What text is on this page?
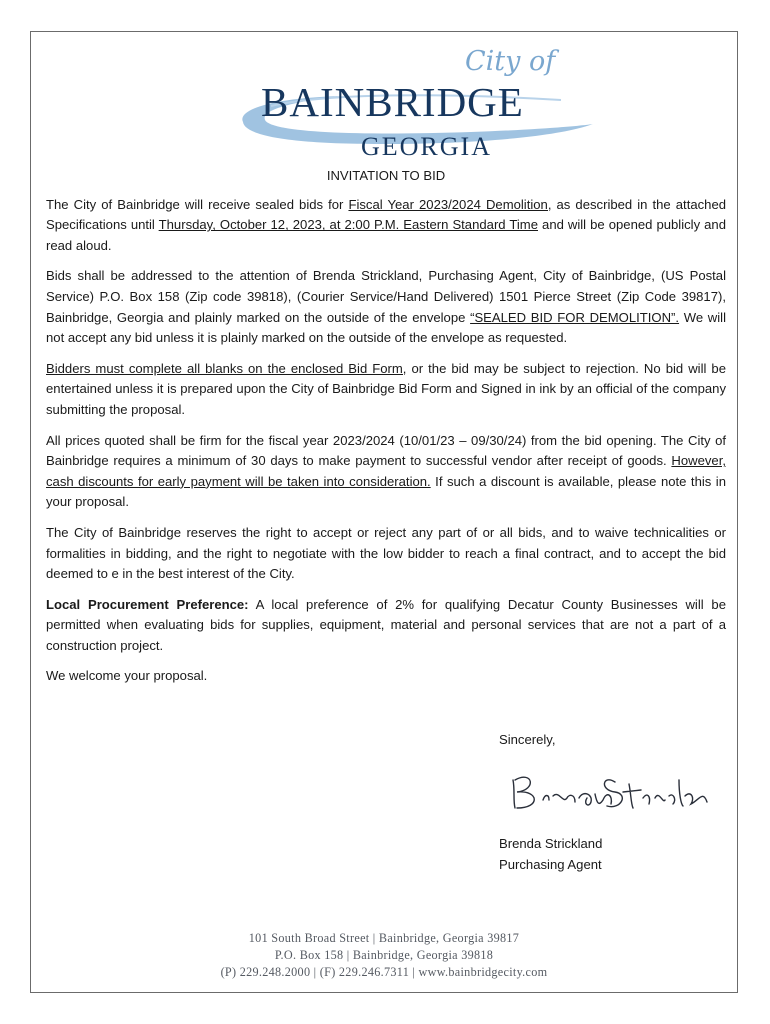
City of
BAINBRIDGE
GEORGIA
INVITATION TO BID

The City of Bainbridge will receive sealed bids for Fiscal Year 2023/2024 Demolition, as described in the attached Specifications until Thursday, October 12, 2023, at 2:00 P.M. Eastern Standard Time and will be opened publicly and read aloud.

Bids shall be addressed to the attention of Brenda Strickland, Purchasing Agent, City of Bainbridge, (US Postal Service) P.O. Box 158 (Zip code 39818), (Courier Service/Hand Delivered) 1501 Pierce Street (Zip Code 39817), Bainbridge, Georgia and plainly marked on the outside of the envelope “SEALED BID FOR DEMOLITION”. We will not accept any bid unless it is plainly marked on the outside of the envelope as requested.

Bidders must complete all blanks on the enclosed Bid Form, or the bid may be subject to rejection. No bid will be entertained unless it is prepared upon the City of Bainbridge Bid Form and Signed in ink by an official of the company submitting the proposal.

All prices quoted shall be firm for the fiscal year 2023/2024 (10/01/23 – 09/30/24) from the bid opening. The City of Bainbridge requires a minimum of 30 days to make payment to successful vendor after receipt of goods. However, cash discounts for early payment will be taken into consideration. If such a discount is available, please note this in your proposal.

The City of Bainbridge reserves the right to accept or reject any part of or all bids, and to waive technicalities or formalities in bidding, and the right to negotiate with the low bidder to reach a final contract, and to accept the bid deemed to e in the best interest of the City.

Local Procurement Preference: A local preference of 2% for qualifying Decatur County Businesses will be permitted when evaluating bids for supplies, equipment, material and personal services that are not a part of a construction project.

We welcome your proposal.

Sincerely,
Brenda Strickland
Purchasing Agent
101 South Broad Street | Bainbridge, Georgia 39817
P.O. Box 158 | Bainbridge, Georgia 39818
(P) 229.248.2000 | (F) 229.246.7311 | www.bainbridgecity.com
